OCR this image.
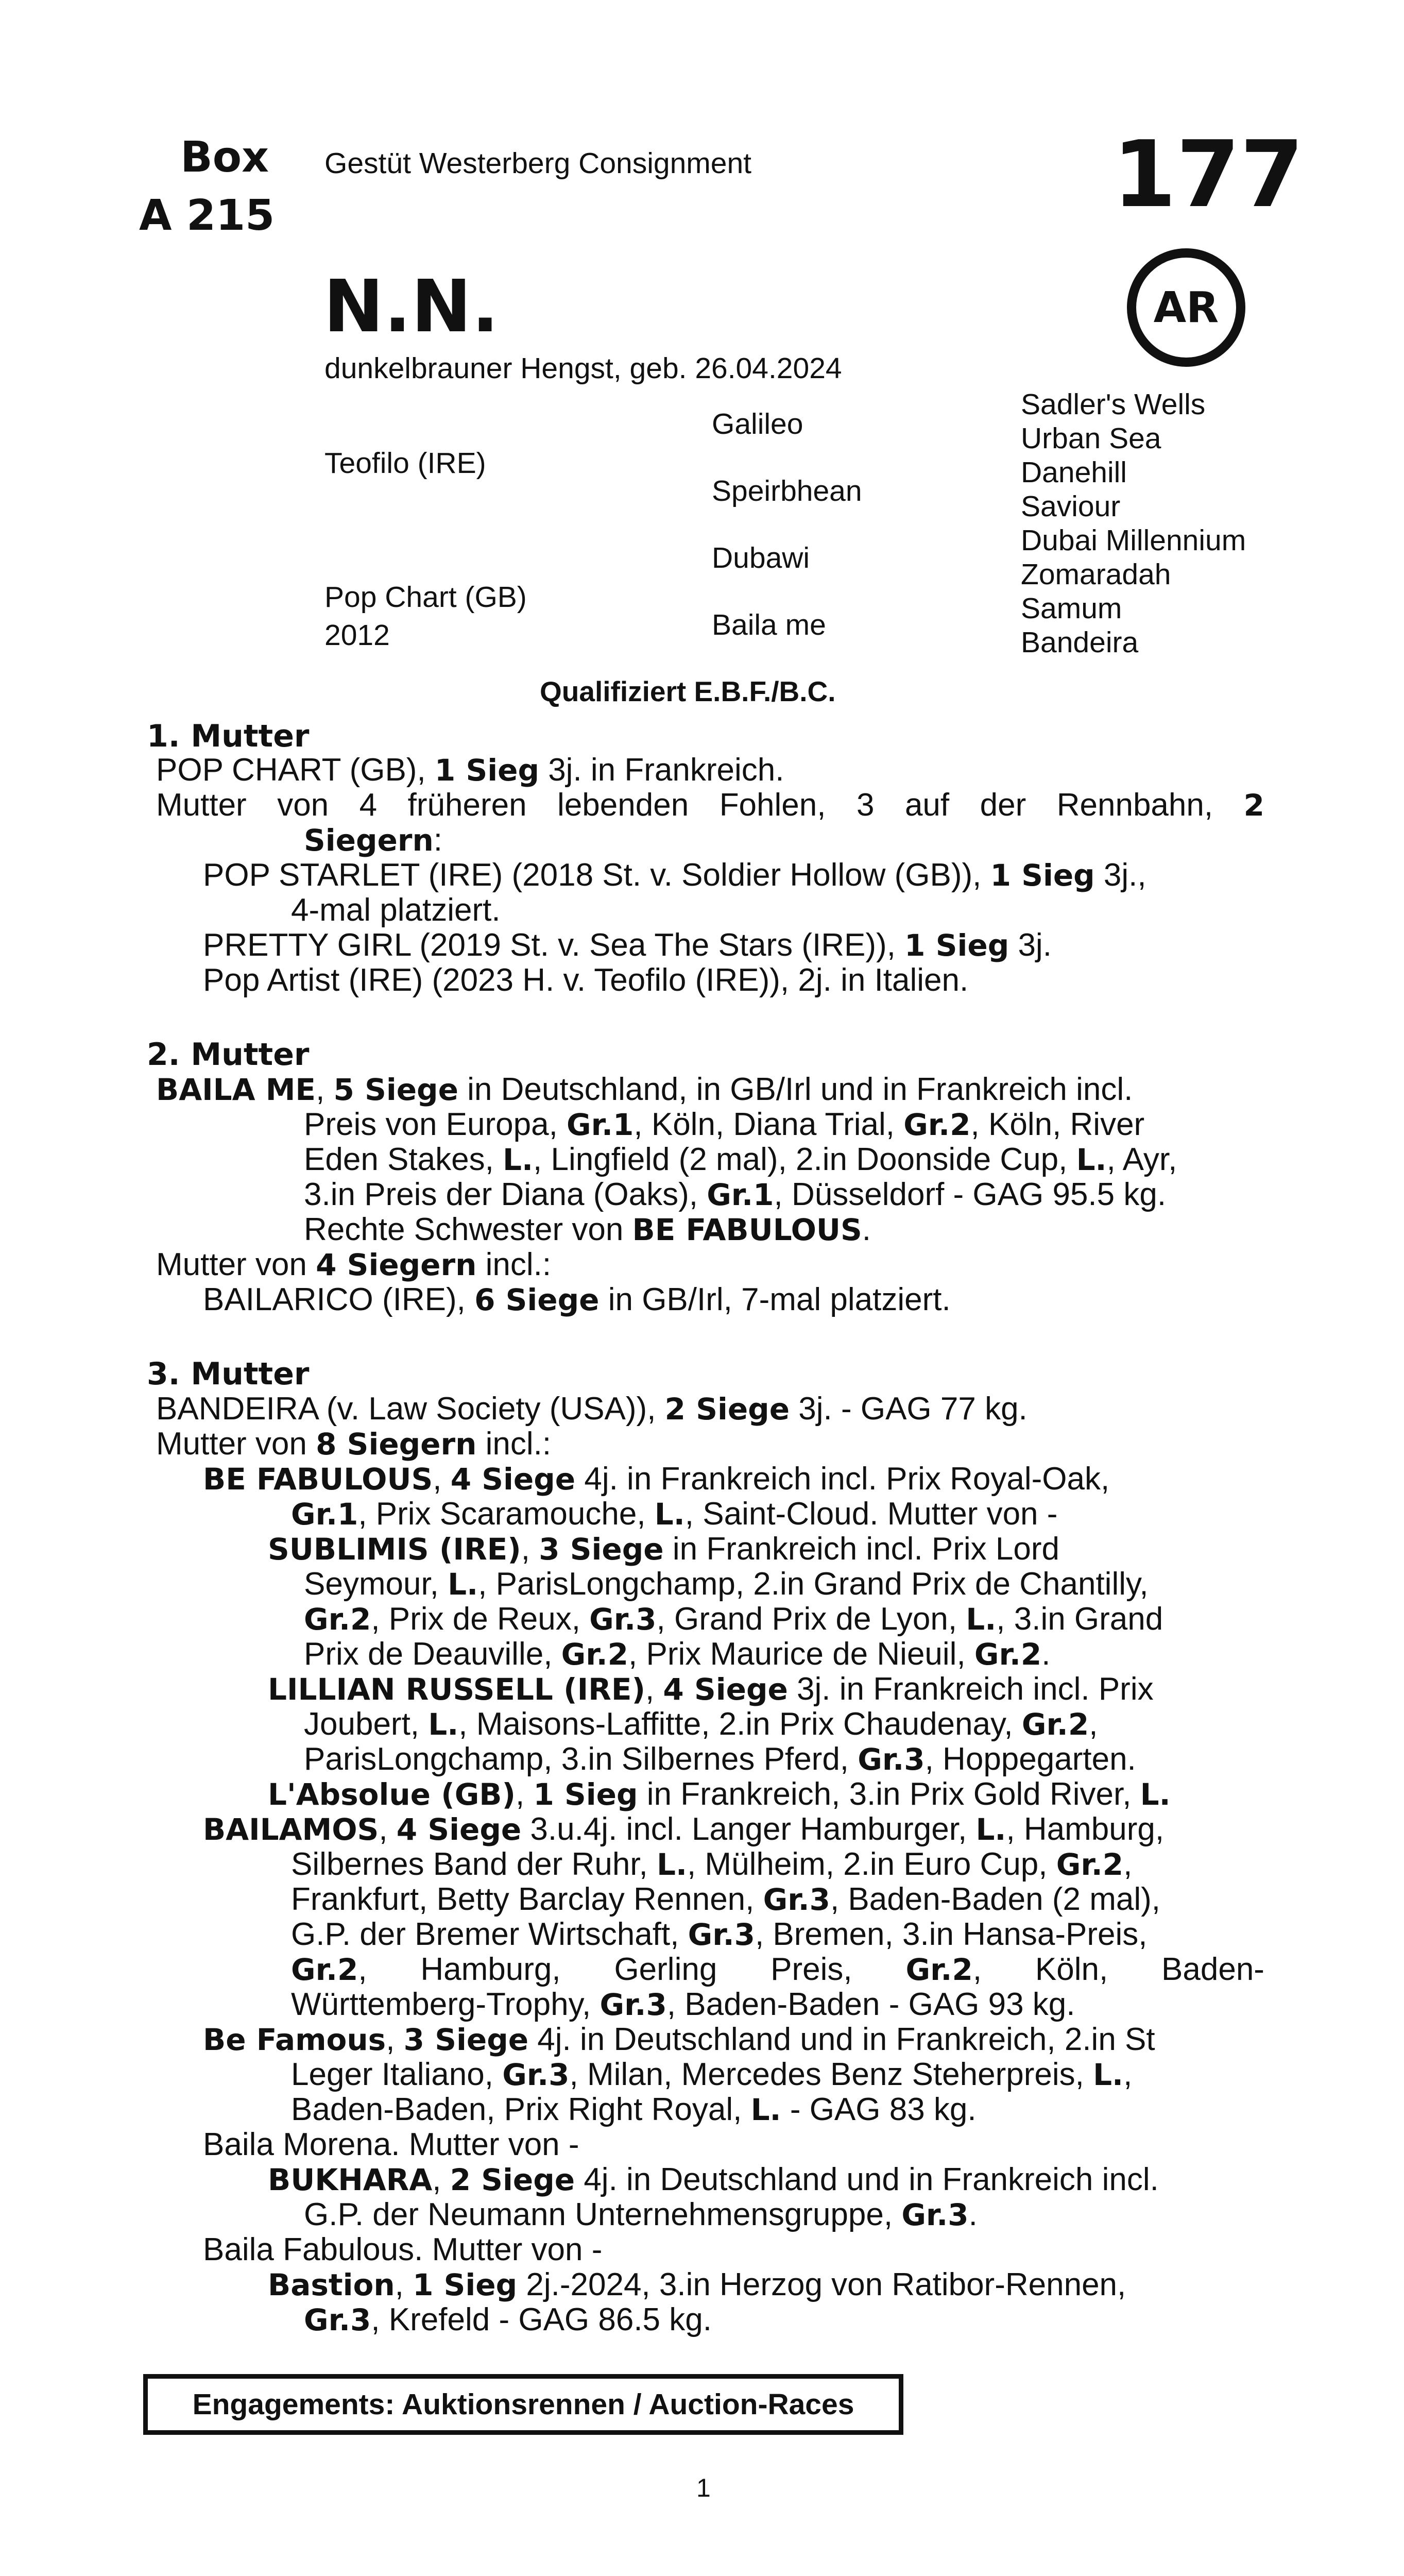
Box
A 215
Gestüt Westerberg Consignment	177
AR
N.N.
dunkelbrauner Hengst, geb. 26.04.2024
Teofilo (IRE)
Pop Chart (GB)
2012
Galileo
Speirbhean
Dubawi
Baila me
Sadler's Wells
Urban Sea
Danehill
Saviour
Dubai Millennium
Zomaradah
Samum
Bandeira
Qualifiziert E.B.F./B.C.
1. Mutter
POP CHART (GB), 1 Sieg 3j. in Frankreich.
Mutter von 4 früheren lebenden Fohlen, 3 auf der Rennbahn, 2
Siegern:
POP STARLET (IRE) (2018 St. v. Soldier Hollow (GB)), 1 Sieg 3j.,
4-mal platziert.
PRETTY GIRL (2019 St. v. Sea The Stars (IRE)), 1 Sieg 3j.
Pop Artist (IRE) (2023 H. v. Teofilo (IRE)), 2j. in Italien.
2. Mutter
BAILA ME, 5 Siege in Deutschland, in GB/Irl und in Frankreich incl.
Preis von Europa, Gr.1, Köln, Diana Trial, Gr.2, Köln, River
Eden Stakes, L., Lingfield (2 mal), 2.in Doonside Cup, L., Ayr,
3.in Preis der Diana (Oaks), Gr.1, Düsseldorf - GAG 95.5 kg.
Rechte Schwester von BE FABULOUS.
Mutter von 4 Siegern incl.:
BAILARICO (IRE), 6 Siege in GB/Irl, 7-mal platziert.
3. Mutter
BANDEIRA (v. Law Society (USA)), 2 Siege 3j. - GAG 77 kg.
Mutter von 8 Siegern incl.:
BE FABULOUS, 4 Siege 4j. in Frankreich incl. Prix Royal-Oak,
Gr.1, Prix Scaramouche, L., Saint-Cloud. Mutter von -
SUBLIMIS (IRE), 3 Siege in Frankreich incl. Prix Lord
Seymour, L., ParisLongchamp, 2.in Grand Prix de Chantilly,
Gr.2, Prix de Reux, Gr.3, Grand Prix de Lyon, L., 3.in Grand
Prix de Deauville, Gr.2, Prix Maurice de Nieuil, Gr.2.
LILLIAN RUSSELL (IRE), 4 Siege 3j. in Frankreich incl. Prix
Joubert, L., Maisons-Laffitte, 2.in Prix Chaudenay, Gr.2,
ParisLongchamp, 3.in Silbernes Pferd, Gr.3, Hoppegarten.
L'Absolue (GB), 1 Sieg in Frankreich, 3.in Prix Gold River, L.
BAILAMOS, 4 Siege 3.u.4j. incl. Langer Hamburger, L., Hamburg,
Silbernes Band der Ruhr, L., Mülheim, 2.in Euro Cup, Gr.2,
Frankfurt, Betty Barclay Rennen, Gr.3, Baden-Baden (2 mal),
G.P. der Bremer Wirtschaft, Gr.3, Bremen, 3.in Hansa-Preis,
Gr.2, Hamburg, Gerling Preis, Gr.2, Köln, Baden-
Württemberg-Trophy, Gr.3, Baden-Baden - GAG 93 kg.
Be Famous, 3 Siege 4j. in Deutschland und in Frankreich, 2.in St
Leger Italiano, Gr.3, Milan, Mercedes Benz Steherpreis, L.,
Baden-Baden, Prix Right Royal, L. - GAG 83 kg.
Baila Morena. Mutter von -
BUKHARA, 2 Siege 4j. in Deutschland und in Frankreich incl.
G.P. der Neumann Unternehmensgruppe, Gr.3.
Baila Fabulous. Mutter von -
Bastion, 1 Sieg 2j.-2024, 3.in Herzog von Ratibor-Rennen,
Gr.3, Krefeld - GAG 86.5 kg.
Engagements: Auktionsrennen / Auction-Races
1
